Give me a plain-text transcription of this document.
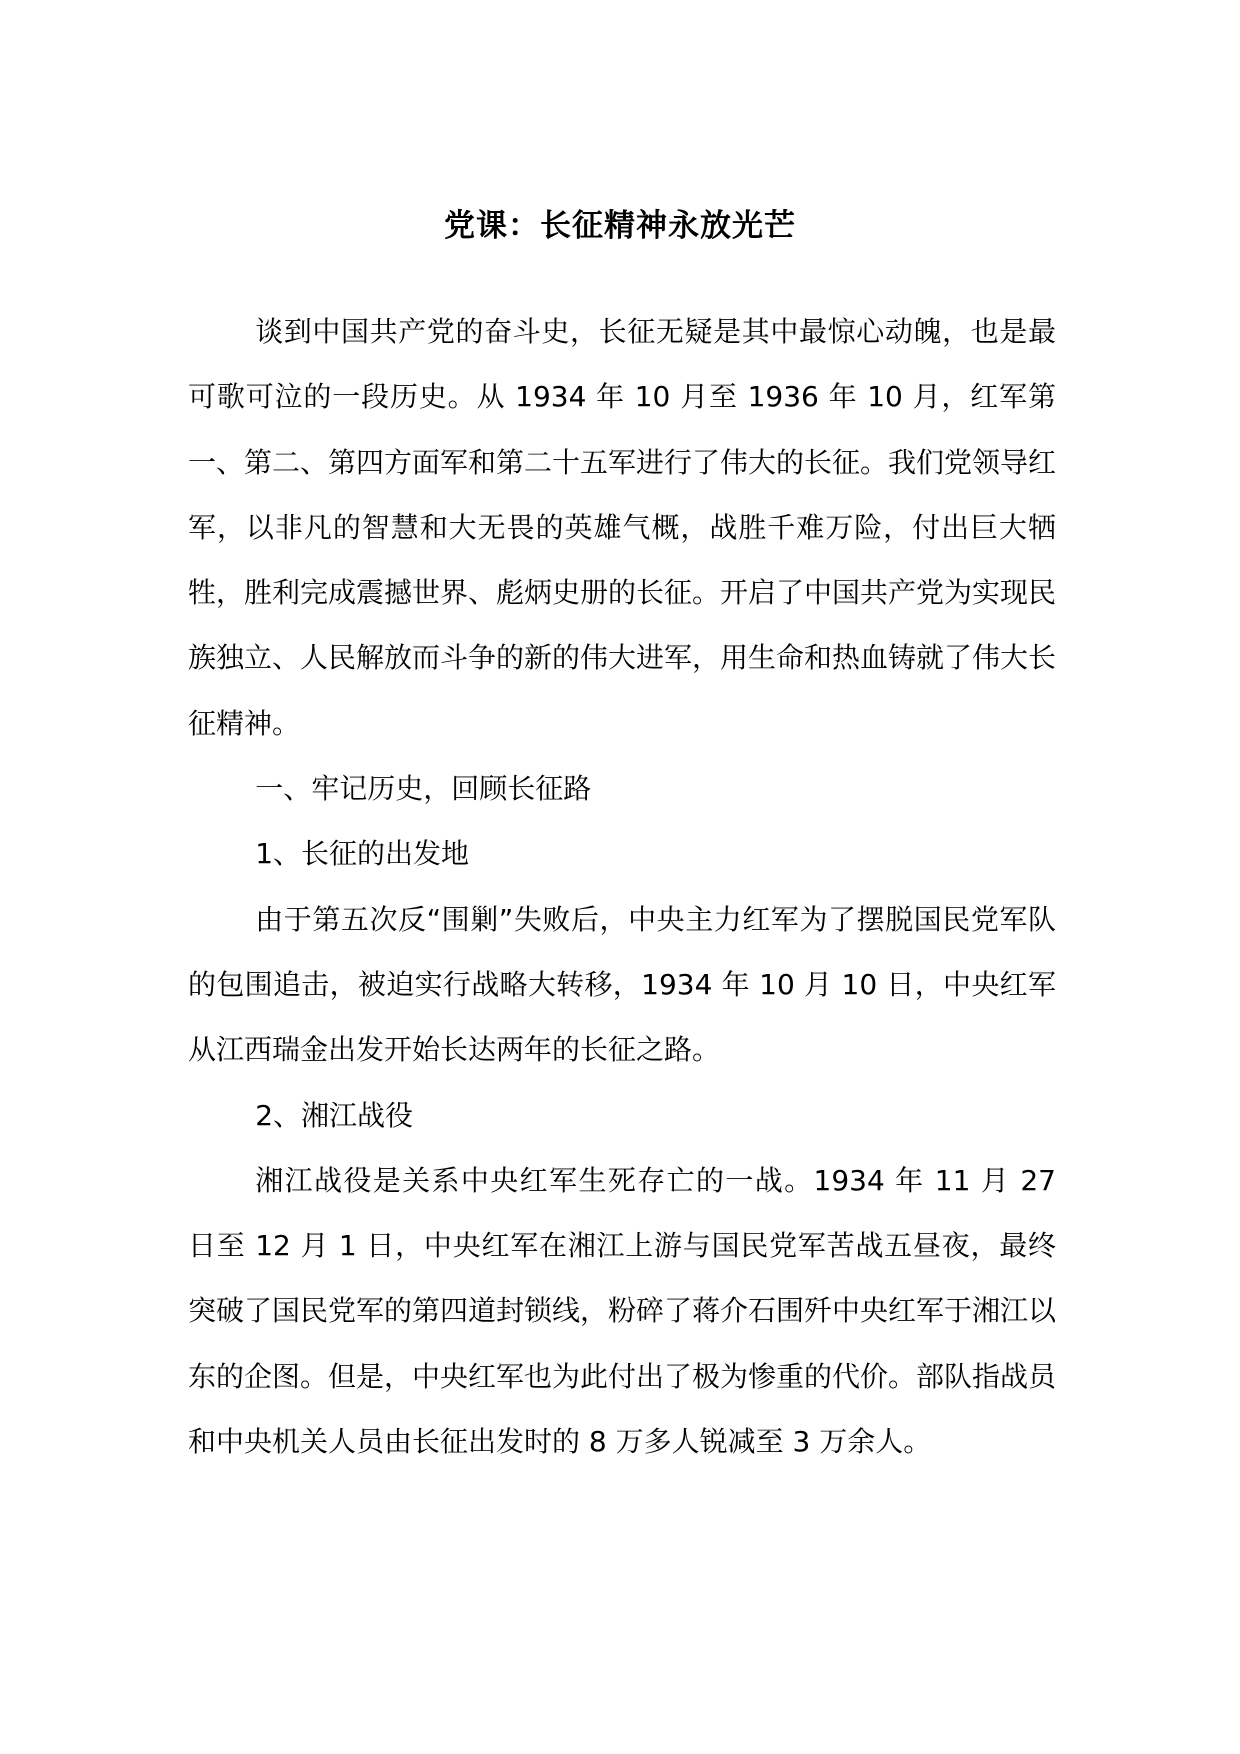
党课：长征精神永放光芒

谈到中国共产党的奋斗史，长征无疑是其中最惊心动魄，也是最可歌可泣的一段历史。从 1934 年 10 月至 1936 年 10 月，红军第一、第二、第四方面军和第二十五军进行了伟大的长征。我们党领导红军，以非凡的智慧和大无畏的英雄气概，战胜千难万险，付出巨大牺牲，胜利完成震撼世界、彪炳史册的长征。开启了中国共产党为实现民族独立、人民解放而斗争的新的伟大进军，用生命和热血铸就了伟大长征精神。

一、牢记历史，回顾长征路

1、长征的出发地

由于第五次反“围剿”失败后，中央主力红军为了摆脱国民党军队的包围追击，被迫实行战略大转移，1934 年 10 月 10 日，中央红军从江西瑞金出发开始长达两年的长征之路。

2、湘江战役

湘江战役是关系中央红军生死存亡的一战。1934 年 11 月 27 日至 12 月 1 日，中央红军在湘江上游与国民党军苦战五昼夜，最终突破了国民党军的第四道封锁线，粉碎了蒋介石围歼中央红军于湘江以东的企图。但是，中央红军也为此付出了极为惨重的代价。部队指战员和中央机关人员由长征出发时的 8 万多人锐减至 3 万余人。
